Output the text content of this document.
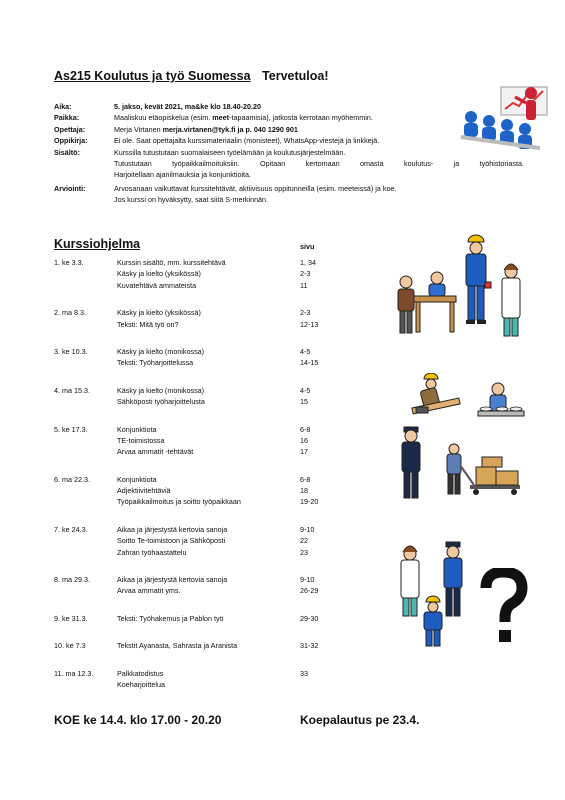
As215 Koulutus ja työ Suomessa Tervetuloa!
Aika:	5. jakso, kevät 2021, ma&ke klo 18.40-20.20
Paikka:	Maaliskuu etäopiskelua (esim. meet-tapaamisia), jatkosta kerrotaan myöhemmin.
Opettaja:	Merja Virtanen merja.virtanen@tyk.fi ja p. 040 1290 901
Oppikirja:	Ei ole. Saat opettajalta kurssimateriaalin (monisteet), WhatsApp-viestejä ja linkkejä.
Sisältö:	Kurssilla tutustutaan suomalaiseen työelämään ja koulutusjärjestelmään.
Tutustutaan työpaikkailmoituksiin. Opitaan kertomaan omasta koulutus- ja työhistoriasta.
Harjoitellaan ajanilmauksia ja konjunktioita.
Arviointi:	Arvosanaan vaikuttavat kurssitehtävät, aktiivisuus oppitunneilla (esim. meeteissä) ja koe.
Jos kurssi on hyväksytty, saat siitä S-merkinnän.
Kurssiohjelma	sivu
1. ke 3.3.	Kurssin sisältö, mm. kurssitehtävä	1, 34
Käsky ja kielto (yksikössä)	2-3
Kuvatehtävä ammateista	11
2. ma 8.3.	Käsky ja kielto (yksikössä)	2-3
Teksti: Mitä työ on?	12-13
3. ke 10.3.	Käsky ja kielto (monikossa)	4-5
Teksti: Työharjoittelussa	14-15
4. ma 15.3.	Käsky ja kielto (monikossa)	4-5
Sähköposti työharjoittelusta	15
5. ke 17.3.	Konjunktiota	6-8
TE-toimistossa	16
Arvaa ammatit -tehtävät	17
6. ma 22.3.	Konjunktiota	6-8
Adjektiivitehtäviä	18
Työpaikkailmoitus ja soitto työpaikkaan	19-20
7. ke 24.3.	Aikaa ja järjestystä kertovia sanoja	9-10
Soitto Te-toimistoon ja Sähköposti	22
Zahran työhaastattelu	23
8. ma 29.3.	Aikaa ja järjestystä kertovia sanoja	9-10
Arvaa ammatit yms.	26-29
9. ke 31.3.	Teksti: Työhakemus ja Pablon työ	29-30
10. ke 7.3	Tekstit Ayanasta, Sahrasta ja Aranista	31-32
11. ma 12.3.	Palkkatodistus	33
Koeharjoittelua
KOE ke 14.4. klo 17.00 - 20.20	Koepalautus pe 23.4.
